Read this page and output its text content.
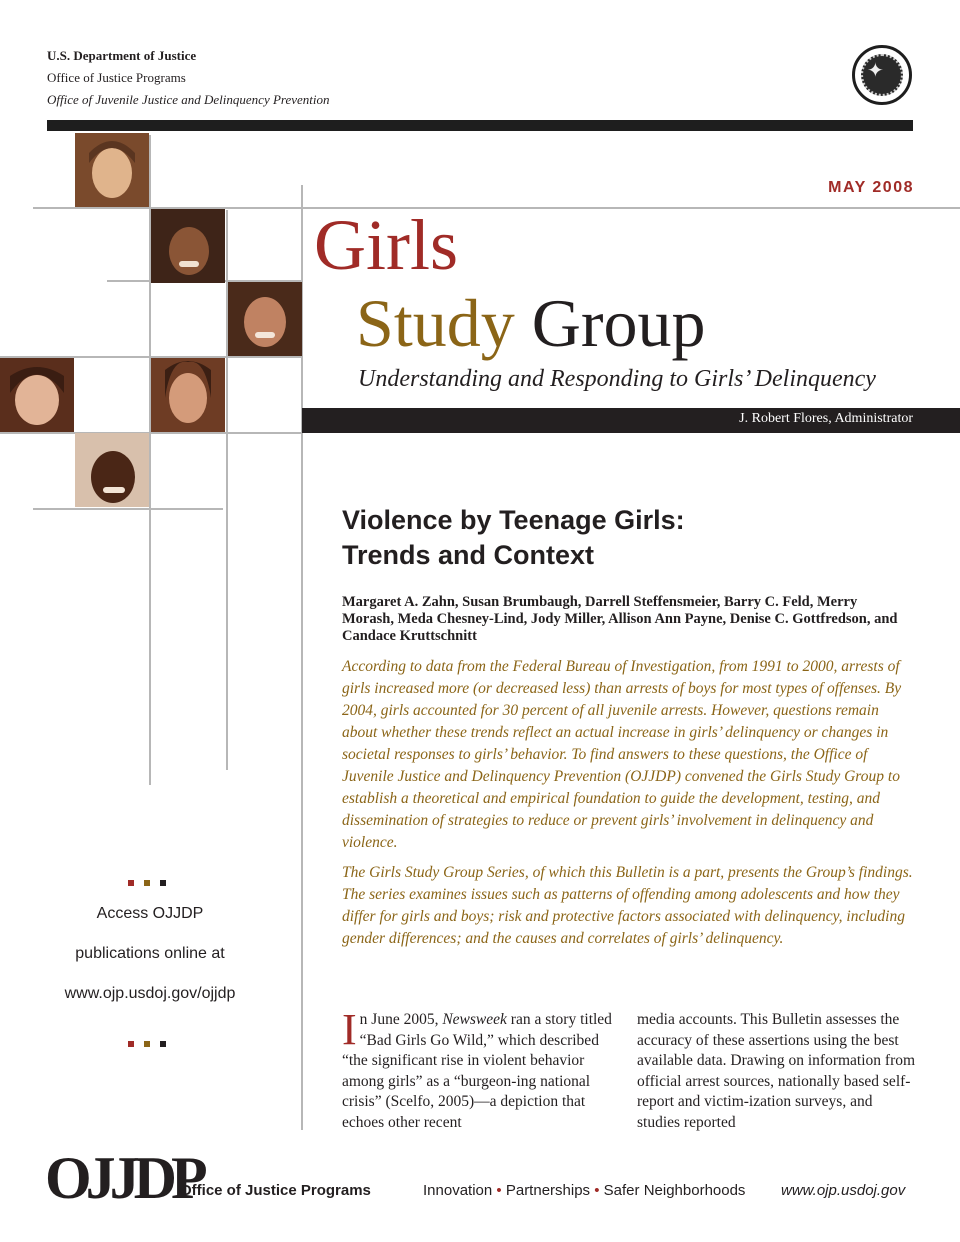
U.S. Department of Justice
Office of Justice Programs
Office of Juvenile Justice and Delinquency Prevention
✦
MAY 2008
Girls
Study Group
Understanding and Responding to Girls’ Delinquency
J. Robert Flores, Administrator
Violence by Teenage Girls:
Trends and Context
Margaret A. Zahn, Susan Brumbaugh, Darrell Steffensmeier, Barry C. Feld, Merry Morash, Meda Chesney-Lind, Jody Miller, Allison Ann Payne, Denise C. Gottfredson, and Candace Kruttschnitt

According to data from the Federal Bureau of Investigation, from 1991 to 2000, arrests of girls increased more (or decreased less) than arrests of boys for most types of offenses. By 2004, girls accounted for 30 percent of all juvenile arrests. However, questions remain about whether these trends reflect an actual increase in girls’ delinquency or changes in societal responses to girls’ behavior. To find answers to these questions, the Office of Juvenile Justice and Delinquency Prevention (OJJDP) convened the Girls Study Group to establish a theoretical and empirical foundation to guide the development, testing, and dissemination of strategies to reduce or prevent girls’ involvement in delinquency and violence.

The Girls Study Group Series, of which this Bulletin is a part, presents the Group’s findings. The series examines issues such as patterns of offending among adolescents and how they differ for girls and boys; risk and protective factors associated with delinquency, including gender differences; and the causes and correlates of girls’ delinquency.

In June 2005, Newsweek ran a story titled “Bad Girls Go Wild,” which described “the significant rise in violent behavior among girls” as a “burgeon-ing national crisis” (Scelfo, 2005)—a depiction that echoes other recent
media accounts. This Bulletin assesses the accuracy of these assertions using the best available data. Drawing on information from official arrest sources, nationally based self-report and victim-ization surveys, and studies reported
Access OJJDP
publications online at
www.ojp.usdoj.gov/ojjdp
OJJDP
Office of Justice Programs	Innovation • Partnerships • Safer Neighborhoods www.ojp.usdoj.gov
